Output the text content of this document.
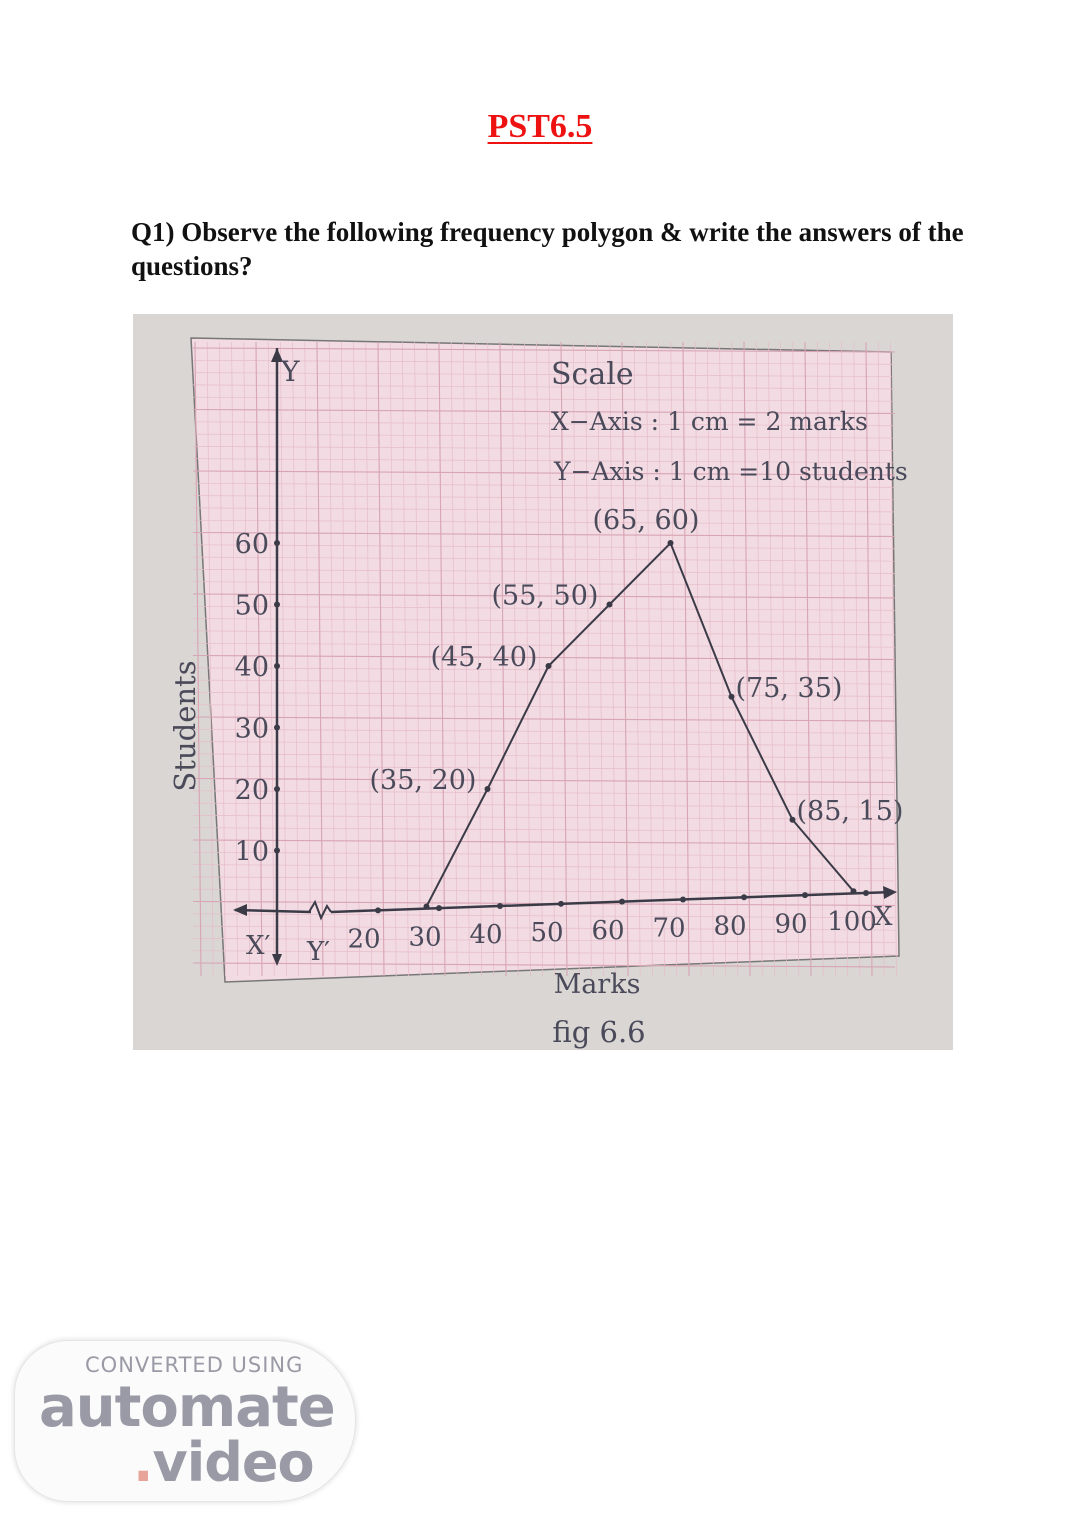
PST6.5
Q1) Observe the following frequency polygon & write the answers of the questions?
10
20
30
40
50
60
20 30 40 50 60 70 80 90 100
(35, 20)
(45, 40)
(55, 50)
(65, 60)
(75, 35)
(85, 15)
Y
Y′
X′
X
Scale
X−Axis : 1 cm = 2 marks
Y−Axis : 1 cm =10 students
Students
Marks
fig 6.6
CONVERTED USING
automate
.video
